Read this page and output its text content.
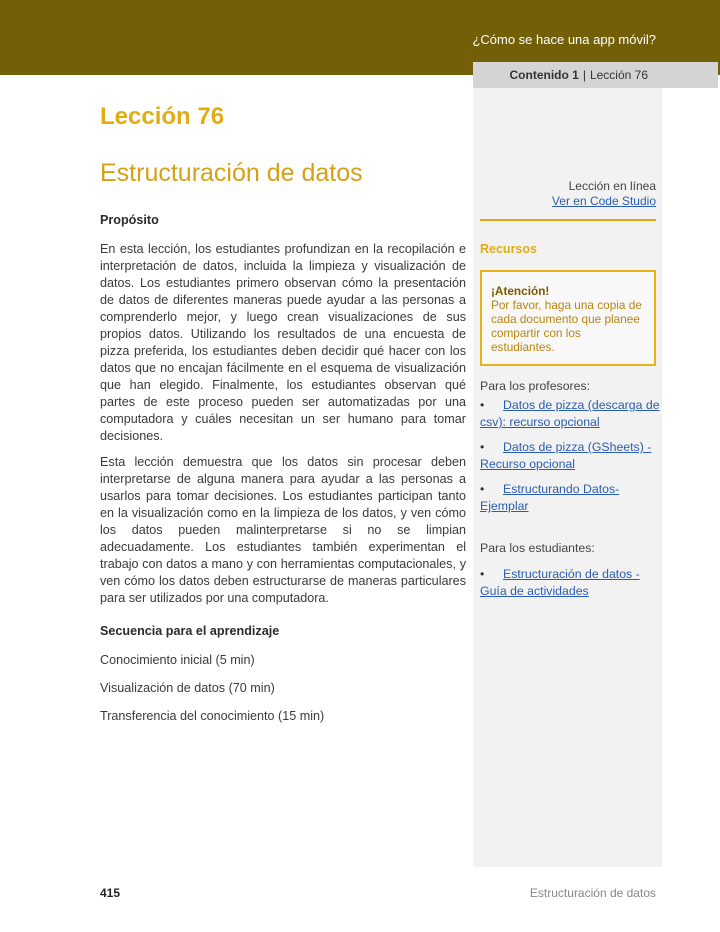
¿Cómo se hace una app móvil?
Contenido 1 | Lección 76
Lección 76
Estructuración de datos
Propósito

En esta lección, los estudiantes profundizan en la recopilación e interpretación de datos, incluida la limpieza y visualización de datos. Los estudiantes primero observan cómo la presentación de datos de diferentes maneras puede ayudar a las personas a comprenderlo mejor, y luego crean visualizaciones de sus propios datos. Utilizando los resultados de una encuesta de pizza preferida, los estudiantes deben decidir qué hacer con los datos que no encajan fácilmente en el esquema de visualización que han elegido. Finalmente, los estudiantes observan qué partes de este proceso pueden ser automatizadas por una computadora y cuáles necesitan un ser humano para tomar decisiones.

Esta lección demuestra que los datos sin procesar deben interpretarse de alguna manera para ayudar a las personas a usarlos para tomar decisiones. Los estudiantes participan tanto en la visualización como en la limpieza de los datos, y ven cómo los datos pueden malinterpretarse si no se limpian adecuadamente. Los estudiantes también experimentan el trabajo con datos a mano y con herramientas computacionales, y ven cómo los datos deben estructurarse de maneras particulares para ser utilizados por una computadora.

Secuencia para el aprendizaje
Conocimiento inicial (5 min)
Visualización de datos (70 min)
Transferencia del conocimiento (15 min)
Lección en línea
Ver en Code Studio
Recursos
¡Atención!
Por favor, haga una copia de cada documento que planee compartir con los estudiantes.
Para los profesores:
• Datos de pizza (descarga de csv): recurso opcional
• Datos de pizza (GSheets) - Recurso opcional
• Estructurando Datos- Ejemplar
Para los estudiantes:
• Estructuración de datos - Guía de actividades
415	Estructuración de datos
